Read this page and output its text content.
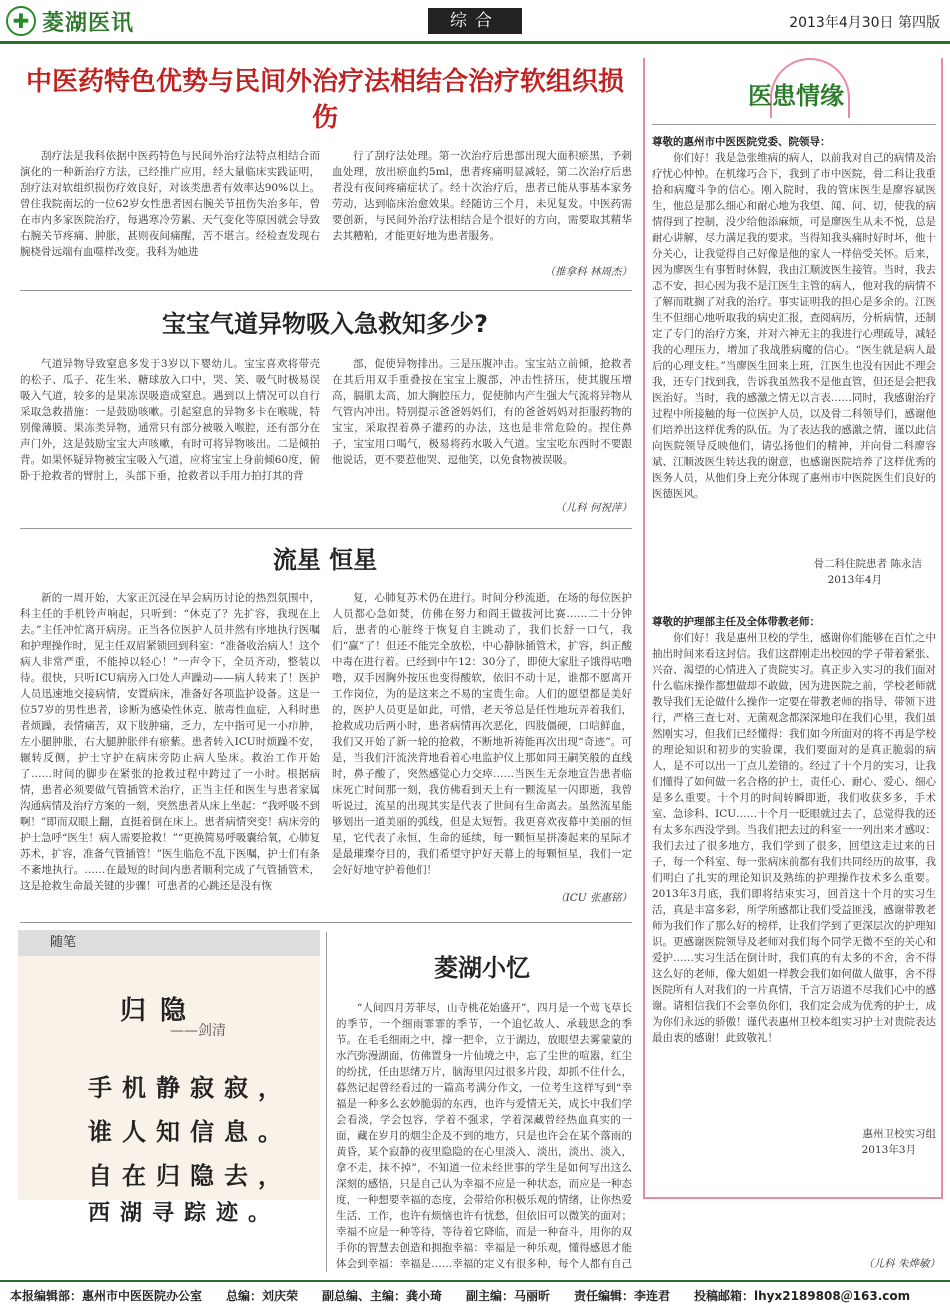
✚ 菱湖医讯	综合	2013年4月30日 第四版
中医药特色优势与民间外治疗法相结合治疗软组织损伤
刮疗法是我科依据中医药特色与民间外治疗法特点相结合而演化的一种新治疗方法，已经推广应用，经大量临床实践证明，刮疗法对软组织损伤疗效良好，对该类患者有效率达90%以上。曾住我院南坛的一位62岁女性患者因右腕关节扭伤失治多年，曾在市内多家医院治疗，每遇寒冷劳累、天气变化等原因就会导致右腕关节疼痛、肿胀，甚则夜间痛醒，苦不堪言。经检查发现右腕桡骨远端有血噬样改变。我科为她进
行了刮疗法处理。第一次治疗后患部出现大面积瘀黑，予刺血处理，放出瘀血约5ml，患者疼痛明显减轻，第二次治疗后患者没有夜间疼痛症状了。经十次治疗后，患者已能从事基本家务劳动，达到临床治愈效果。经随访三个月，未见复发。中医药需要创新，与民间外治疗法相结合是个很好的方向，需要取其精华去其糟粕，才能更好地为患者服务。
（推拿科 林周杰）
宝宝气道异物吸入急救知多少?
气道异物导致窒息多发于3岁以下婴幼儿。宝宝喜欢将带壳的松子、瓜子、花生米、糖球放入口中，哭、笑、吸气时极易误吸入气道，较多的是果冻误吸造成窒息。遇到以上情况可以自行采取急救措施：一是鼓励咳嗽。引起窒息的异物多卡在喉咙，特别像薄膜、果冻类异物，通常只有部分被吸入喉腔，还有部分在声门外，这是鼓励宝宝大声咳嗽，有时可将异物咳出。二是倾拍背。如果怀疑异物被宝宝吸入气道，应将宝宝上身前倾60度，俯卧于抢救者的臂肘上，头部下垂，抢救者以手用力拍打其的背
部，促使异物排出。三是压腹冲击。宝宝站立前倾，抢救者在其后用双手重叠按在宝宝上腹部，冲击性挤压，使其腹压增高，膈肌太高，加大胸腔压力，促使肺内产生强大气流将异物从气管内冲出。特别提示爸爸妈妈们，有的爸爸妈妈对拒服药物的宝宝，采取捏着鼻子灌药的办法，这也是非常危险的。捏住鼻子，宝宝用口喝气，极易将药水吸入气道。宝宝吃东西时不要跟他说话，更不要惹他哭、逗他笑，以免食物被误吸。
（儿科 何祝萍）
流星 恒星
新的一周开始，大家正沉浸在早会病历讨论的热烈氛围中，科主任的手机铃声响起，只听到：“休克了？先扩容，我现在上去。”主任冲忙离开病房。正当各位医护人员井然有序地执行医嘱和护理操作时，见主任双眉紧锁回到科室：“准备收治病人！这个病人非常严重，不能掉以轻心！”一声令下，全员齐动，整装以待。很快，只听ICU病房入口处人声躁动——病人转来了！医护人员迅速地交接病情，安置病床，准备好各项监护设备。这是一位57岁的男性患者，诊断为感染性休克、脓毒性血症，入科时患者烦躁，表情痛苦，双下肢肿痛，乏力，左中指可见一小疖肿，左小腿肿胀，右大腿肿胀伴有瘀紫。患者转入ICU时烦躁不安，辗转反侧，护士守护在病床旁防止病人坠床。救治工作开始了……时间的脚步在紧张的抢救过程中跨过了一小时。根据病情，患者必须要做气管插管术治疗，正当主任和医生与患者家属沟通病情及治疗方案的一刻，突然患者从床上坐起：“我呼吸不到啊！”即而双眼上翻，直挺着倒在床上。患者病情突变！病床旁的护士急呼“医生！病人需要抢救！”“更换简易呼吸囊给氧，心肺复苏术，扩容，准备气管插管！”医生临危不乱下医嘱，护士们有条不紊地执行。……在最短的时间内患者顺利完成了气管插管术，这是抢救生命最关键的步骤！可患者的心跳还是没有恢
复，心肺复苏术仍在进行。时间分秒流逝，在场的每位医护人员都心急如焚，仿佛在努力和阎王做拔河比赛……二十分钟后，患者的心脏终于恢复自主跳动了，我们长舒一口气，我们“赢”了！但还不能完全放松，中心静脉插管术，扩容，纠正酸中毒在进行着。已经到中午12：30分了，即使大家肚子饿得咕噜噜，双手因胸外按压也变得酸软，依旧不动十足，谁都不愿离开工作岗位，为的是这来之不易的宝贵生命。人们的愿望都是美好的，医护人员更是如此，可惜，老天爷总是任性地玩弄着我们，抢救成功后两小时，患者病情再次恶化，四肢僵硬，口唁鲜血，我们又开始了新一轮的抢救，不断地祈祷能再次出现“奇迹”。可是，当我们汗流浃背地看着心电监护仪上那如同王嗣笑般的直线时，鼻子酸了，突然感觉心力交瘁……当医生无奈地宣告患者临床死亡时间那一刻，我仿佛看到天上有一颗流星一闪即逝，我曾听说过，流星的出现其实是代表了世间有生命离去。虽然流星能够划出一道美丽的弧线，但是太短暂。我更喜欢夜幕中美丽的恒星，它代表了永恒，生命的延续，每一颗恒星拼凑起来的星际才是最璀璨夺目的，我们希望守护好天幕上的每颗恒星，我们一定会好好地守护着他们！
（ICU 张惠铭）
随笔
归隐
——剑清
手机静寂寂，
谁人知信息。
自在归隐去，
西湖寻踪迹。
菱湖小忆
“人间四月芳菲尽，山寺桃花始盛开”，四月是一个莺飞草长的季节，一个细雨霏霏的季节，一个追忆故人、承载思念的季节。在毛毛细雨之中，撑一把伞，立于湖边，放眼望去雾蒙蒙的水汽弥漫湖面，仿佛置身一片仙境之中，忘了尘世的喧嚣，红尘的纷扰，任由思绪万片，脑海里闪过很多片段，却抓不住什么，暮然记起曾经看过的一篇高考满分作文，一位考生这样写到“幸福是一种多么玄妙脆弱的东西，也许与爱情无关，成长中我们学会看淡，学会包容，学着不强求，学着深藏曾经热血真实的一面，藏在岁月的烟尘企及不到的地方，只是也许会在某个落雨的黄昏，某个寂静的夜里隐隐的在心里淡入、淡出，淡出、淡入，拿不走，抹不掉”，不知道一位未经世事的学生是如何写出这么深刻的感悟，只是自己认为幸福不应是一种状态，而应是一种态度，一种想要幸福的态度，会带给你积极乐观的情绪，让你热爱生活、工作，也许有烦恼也许有忧愁，但依旧可以微笑的面对；幸福不应是一种等待，等待着它降临，而是一种奋斗，用你的双手你的智慧去创造和拥抱幸福：幸福是一种乐观，懂得感恩才能体会到幸福：幸福是……幸福的定义有很多种，每个人都有自己	（儿科 朱烨敏）
医患情缘
尊敬的惠州市中医医院党委、院领导：
你们好！我是急张维病的病人，以前我对自己的病情及治疗忧心忡忡。在机缘巧合下，我到了市中医院，骨二科让我重拾和病魔斗争的信心。刚入院时，我的管床医生是廖容斌医生，他总是那么细心和耐心地为我望、闻、问、切，使我的病情得到了控制，没少给他添麻烦，可是廖医生从未不悦，总是耐心讲解，尽力满足我的要求。当得知我头痛时好时坏，他十分关心，让我觉得自己好像是他的家人一样倍受关怀。后来，因为廖医生有事暂时休假，我由江顺波医生接管。当时，我去忑不安，担心因为我不是江医生主管的病人，他对我的病情不了解而耽搁了对我的治疗。事实证明我的担心是多余的。江医生不但细心地听取我的病史汇报，查阅病历，分析病情，还制定了专门的治疗方案，并对六神无主的我进行心理疏导，减轻我的心理压力，增加了我战胜病魔的信心。“医生就是病人最后的心理支柱。”当廖医生回来上班，江医生也没有因此不理会我，还专门找到我，告诉我虽然我不是他直管，但还是会把我医治好。当时，我的感激之情无以言表……同时，我感谢治疗过程中所接触的每一位医护人员，以及骨二科领导们，感谢他们培养出这样优秀的队伍。为了表达我的感激之情，谨以此信向医院领导反映他们，请弘扬他们的精神，并向骨二科廖容斌、江顺波医生转达我的谢意，也感谢医院培养了这样优秀的医务人员，从他们身上充分体现了惠州市中医院医生们良好的医德医风。
骨二科住院患者 陈永洁
2013年4月
尊敬的护理部主任及全体带教老师：
你们好！我是惠州卫校的学生，感谢你们能够在百忙之中抽出时间来看这封信。我们这群刚走出校园的学子带着紧张、兴奋、渴望的心情进入了贵院实习。真正步入实习的我们面对什么临床操作都想做却不敢做，因为进医院之前，学校老师就教导我们无论做什么操作一定要在带教老师的指导、带领下进行，严格三查七对、无菌观念都深深地印在我们心里，我们虽然刚实习，但我们已经懂得：我们如今所面对的将不再是学校的理论知识和初步的实验课，我们要面对的是真正脆弱的病人，是不可以出一丁点儿差错的。经过了十个月的实习，让我们懂得了如何做一名合格的护士，责任心、耐心、爱心、细心是多么重要。十个月的时间转瞬即逝，我们收获多多，手术室、急诊科、ICU……十个月一眨眼就过去了，总觉得我的还有太多东西没学到。当我们把去过的科室一一列出来才感叹：我们去过了很多地方，我们学到了很多，回望这走过来的日子，每一个科室、每一张病床前都有我们共同经历的故事，我们明白了扎实的理论知识及熟练的护理操作技术多么重要。2013年3月底，我们即将结束实习，回首这十个月的实习生活，真是丰富多彩，所学所感都让我们受益匪浅，感谢带教老师为我们作了那么好的榜样，让我们学到了更深层次的护理知识。更感谢医院领导及老师对我们每个同学无微不至的关心和爱护……实习生活在倒计时，我们真的有太多的不舍，舍不得这么好的老师，像大姐姐一样教会我们如何做人做事，舍不得医院所有人对我们的一片真情，千言万语道不尽我们心中的感谢。请相信我们不会辜负你们，我们定会成为优秀的护士，成为你们永远的骄傲！谨代表惠州卫校本组实习护士对贵院表达最由衷的感谢！此致敬礼！
惠州卫校实习组
2013年3月
本报编辑部：惠州市中医医院办公室　　总编：刘庆荣　　副总编、主编：龚小琦　　副主编：马丽昕　　责任编辑：李连君　　投稿邮箱：lhyx2189808＠163.com
